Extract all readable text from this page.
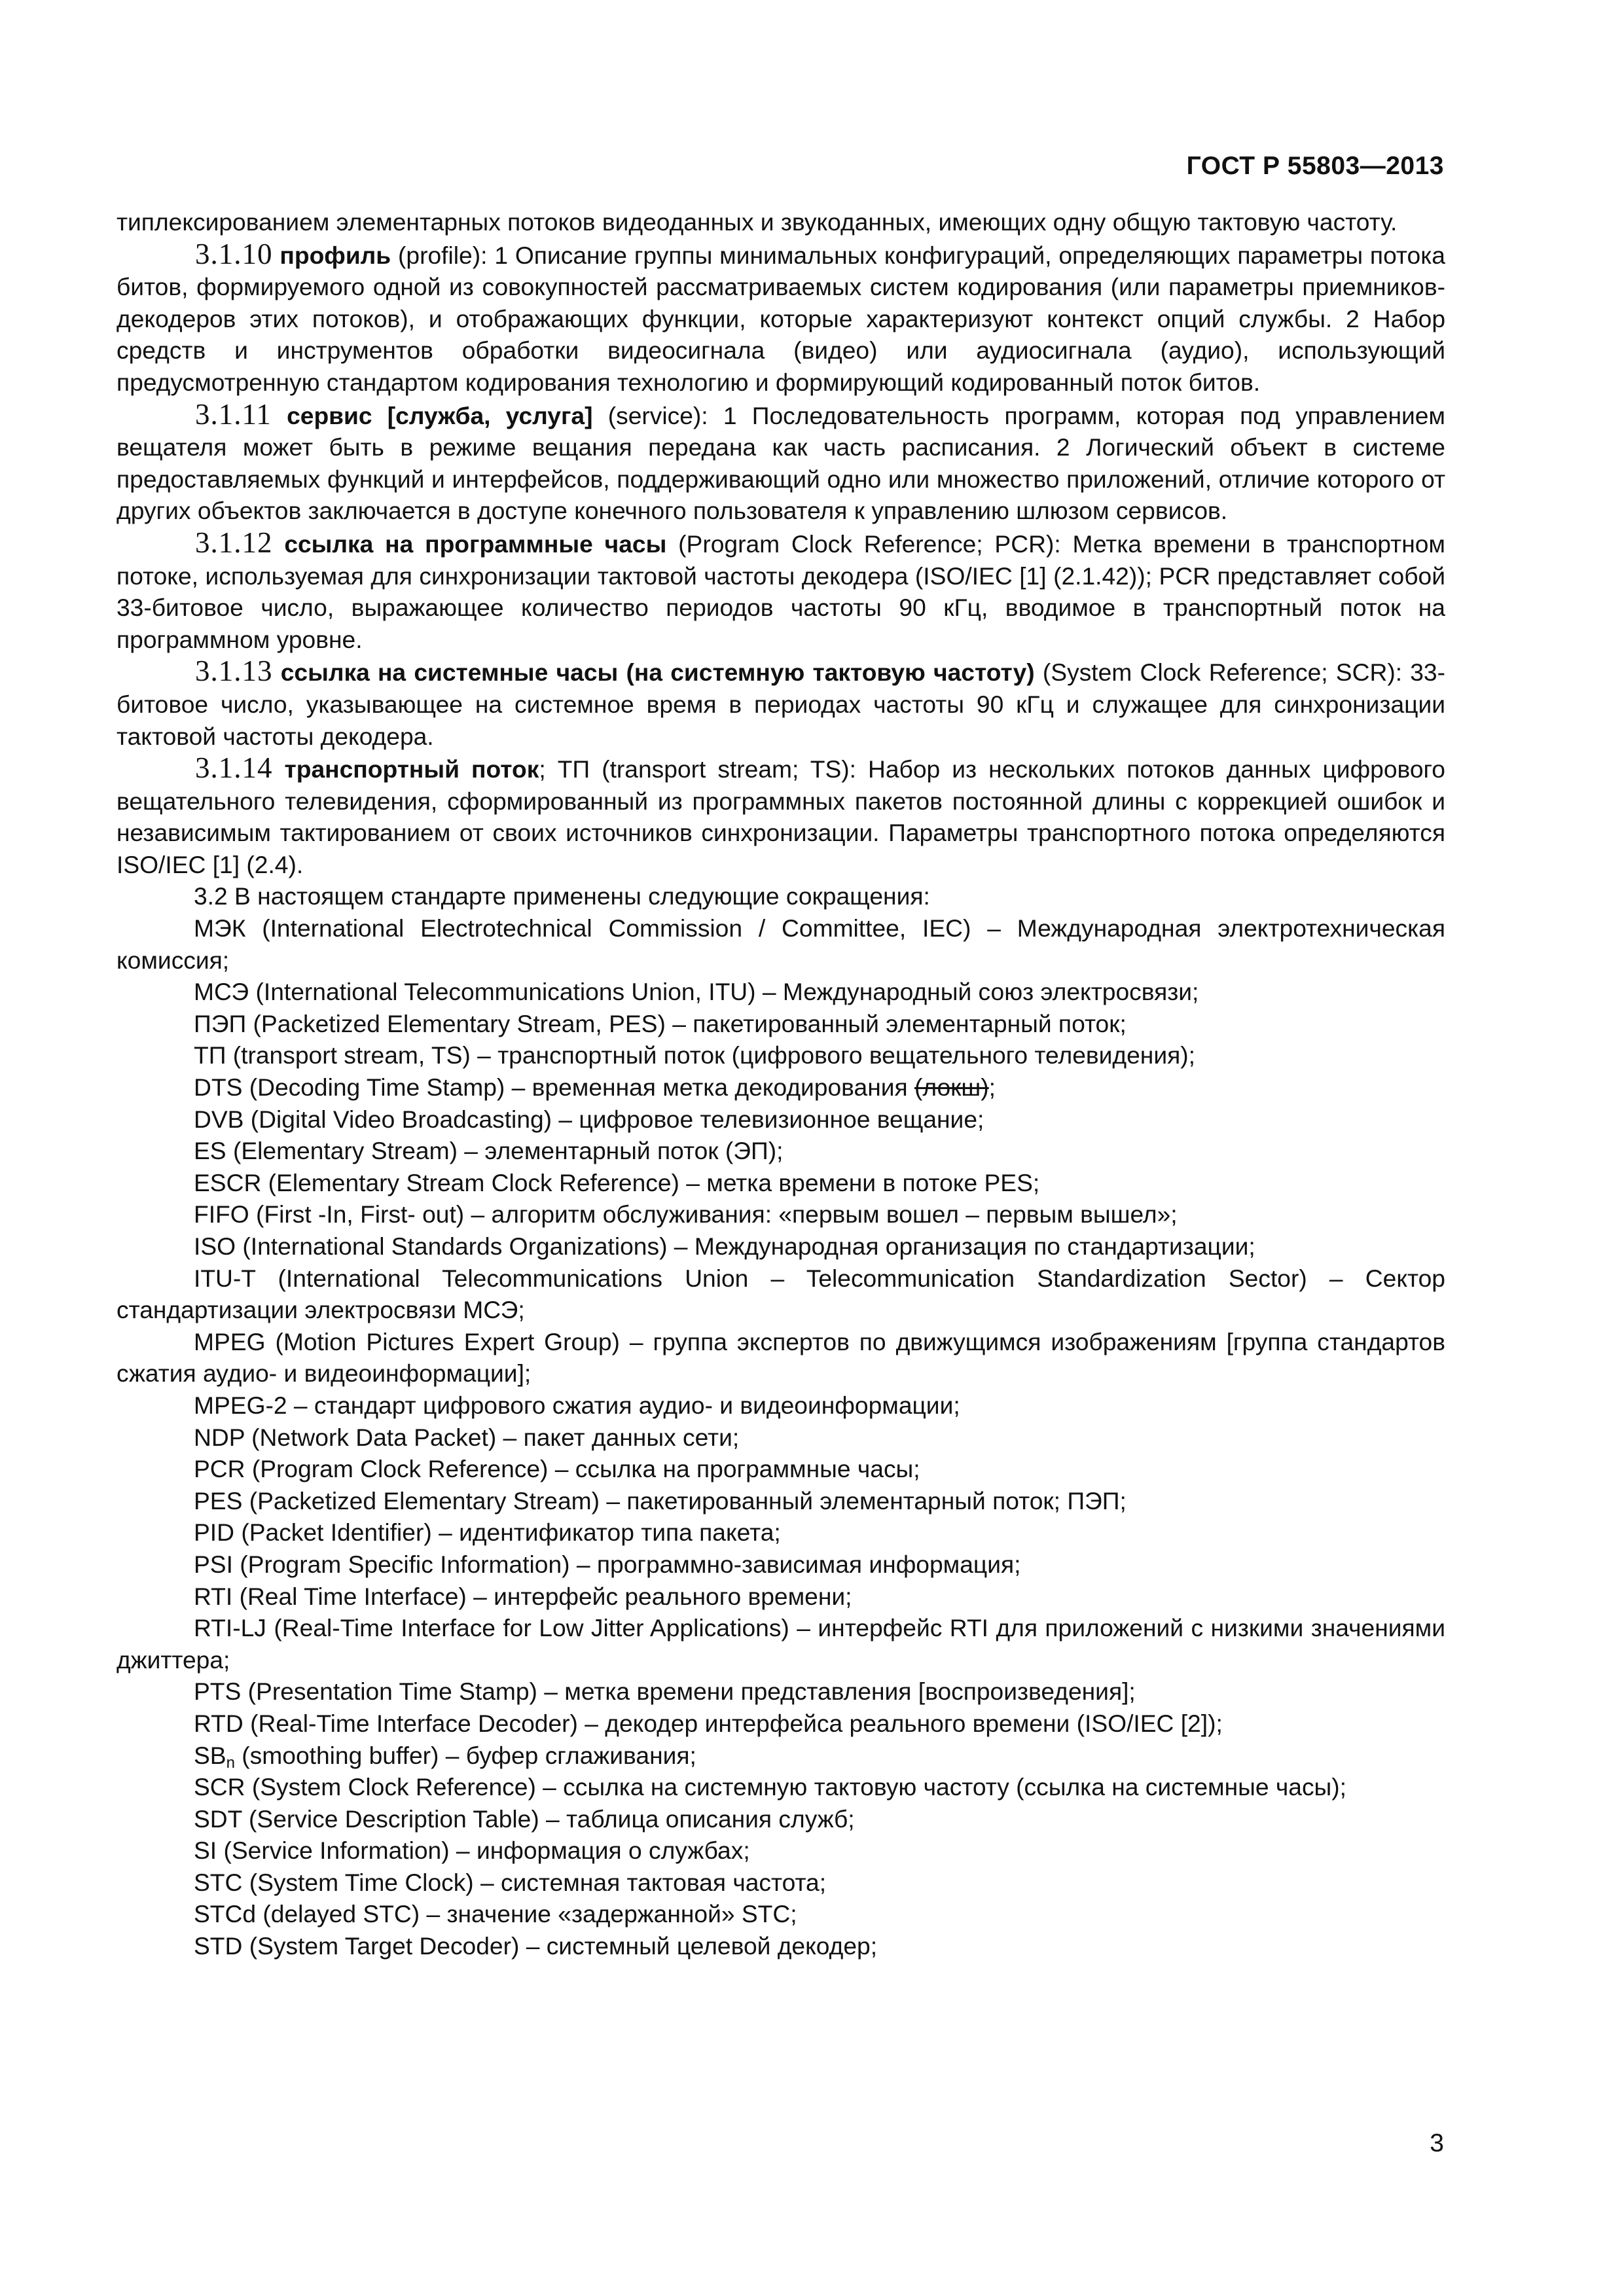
ГОСТ Р 55803—2013

типлексированием элементарных потоков видеоданных и звукоданных, имеющих одну общую тактовую частоту.

3.1.10 профиль (profile): 1 Описание группы минимальных конфигураций, определяющих параметры потока битов, формируемого одной из совокупностей рассматриваемых систем кодирования (или параметры приемников-декодеров этих потоков), и отображающих функции, которые характеризуют контекст опций службы. 2 Набор средств и инструментов обработки видеосигнала (видео) или аудиосигнала (аудио), использующий предусмотренную стандартом кодирования технологию и формирующий кодированный поток битов.

3.1.11 сервис [служба, услуга] (service): 1 Последовательность программ, которая под управлением вещателя может быть в режиме вещания передана как часть расписания. 2 Логический объект в системе предоставляемых функций и интерфейсов, поддерживающий одно или множество приложений, отличие которого от других объектов заключается в доступе конечного пользователя к управлению шлюзом сервисов.

3.1.12 ссылка на программные часы (Program Clock Reference; PCR): Метка времени в транспортном потоке, используемая для синхронизации тактовой частоты декодера (ISO/IEC [1] (2.1.42)); PCR представляет собой 33-битовое число, выражающее количество периодов частоты 90 кГц, вводимое в транспортный поток на программном уровне.

3.1.13 ссылка на системные часы (на системную тактовую частоту) (System Clock Reference; SCR): 33-битовое число, указывающее на системное время в периодах частоты 90 кГц и служащее для синхронизации тактовой частоты декодера.

3.1.14 транспортный поток; ТП (transport stream; TS): Набор из нескольких потоков данных цифрового вещательного телевидения, сформированный из программных пакетов постоянной длины с коррекцией ошибок и независимым тактированием от своих источников синхронизации. Параметры транспортного потока определяются ISO/IEC [1] (2.4).

3.2 В настоящем стандарте применены следующие сокращения:

МЭК (International Electrotechnical Commission / Committee, IEC) – Международная электротехническая комиссия;

МСЭ (International Telecommunications Union, ITU) – Международный союз электросвязи;

ПЭП (Packetized Elementary Stream, PES) – пакетированный элементарный поток;

ТП (transport stream, TS) – транспортный поток (цифрового вещательного телевидения);

DTS (Decoding Time Stamp) – временная метка декодирования (локш);

DVB (Digital Video Broadcasting) – цифровое телевизионное вещание;

ES (Elementary Stream) – элементарный поток (ЭП);

ESCR (Elementary Stream Clock Reference) – метка времени в потоке PES;

FIFO (First -In, First- out) – алгоритм обслуживания: «первым вошел – первым вышел»;

ISO (International Standards Organizations) – Международная организация по стандартизации;

ITU-T (International Telecommunications Union – Telecommunication Standardization Sector) – Сектор стандартизации электросвязи МСЭ;

MPEG (Motion Pictures Expert Group) – группа экспертов по движущимся изображениям [группа стандартов сжатия аудио- и видеоинформации];

MPEG-2 – стандарт цифрового сжатия аудио- и видеоинформации;

NDP (Network Data Packet) – пакет данных сети;

PCR (Program Clock Reference) – ссылка на программные часы;

PES (Packetized Elementary Stream) – пакетированный элементарный поток; ПЭП;

PID (Packet Identifier) – идентификатор типа пакета;

PSI (Program Specific Information) – программно-зависимая информация;

RTI (Real Time Interface) – интерфейс реального времени;

RTI-LJ (Real-Time Interface for Low Jitter Applications) – интерфейс RTI для приложений с низкими значениями джиттера;

PTS (Presentation Time Stamp) – метка времени представления [воспроизведения];

RTD (Real-Time Interface Decoder) – декодер интерфейса реального времени (ISO/IEC [2]);

$SB_n$ (smoothing buffer) – буфер сглаживания;

SCR (System Clock Reference) – ссылка на системную тактовую частоту (ссылка на системные часы);

SDT (Service Description Table) – таблица описания служб;

SI (Service Information) – информация о службах;

STC (System Time Clock) – системная тактовая частота;

STCd (delayed STC) – значение «задержанной» STC;

STD (System Target Decoder) – системный целевой декодер;

3
